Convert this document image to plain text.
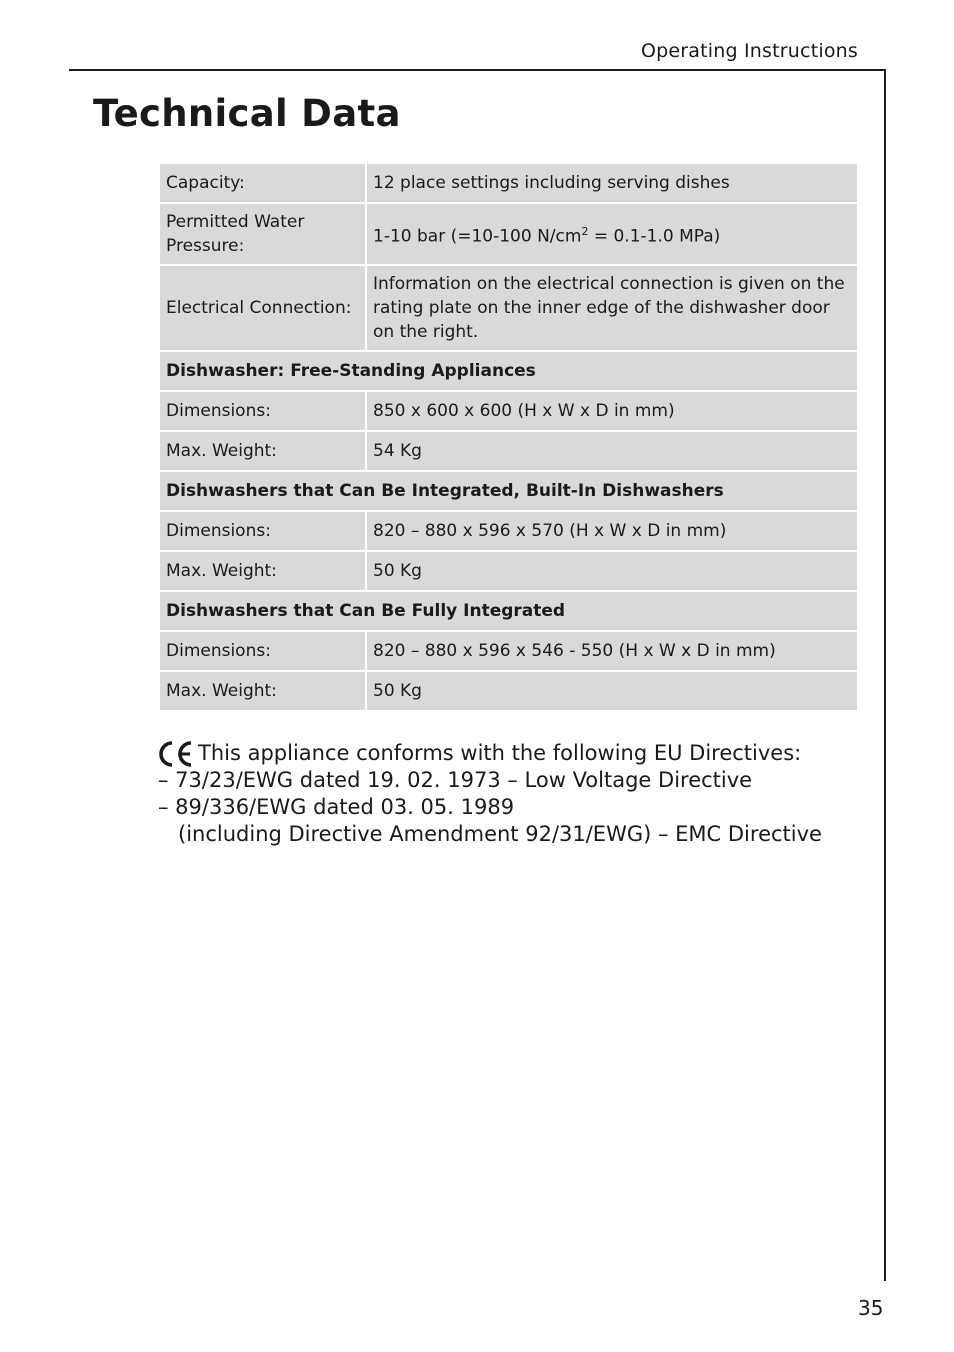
Operating Instructions
Technical Data
Capacity:	12 place settings including serving dishes
Permitted Water Pressure:	1-10 bar (=10-100 $N/cm^2 = 0.1-1.0$ MPa)
Electrical Connection:	Information on the electrical connection is given on the rating plate on the inner edge of the dishwasher door on the right.
Dishwasher: Free-Standing Appliances	
Dimensions:	850 x 600 x 600 (H x W x D in mm)
Max. Weight:	54 Kg
Dishwashers that Can Be Integrated, Built-In Dishwashers	
Dimensions:	820 – 880 x 596 x 570 (H x W x D in mm)
Max. Weight:	50 Kg
Dishwashers that Can Be Fully Integrated	
Dimensions:	820 – 880 x 596 x 546 - 550 (H x W x D in mm)
Max. Weight:	50 Kg
This appliance conforms with the following EU Directives:
– 73/23/EWG dated 19. 02. 1973 – Low Voltage Directive
– 89/336/EWG dated 03. 05. 1989
(including Directive Amendment 92/31/EWG) – EMC Directive
35
